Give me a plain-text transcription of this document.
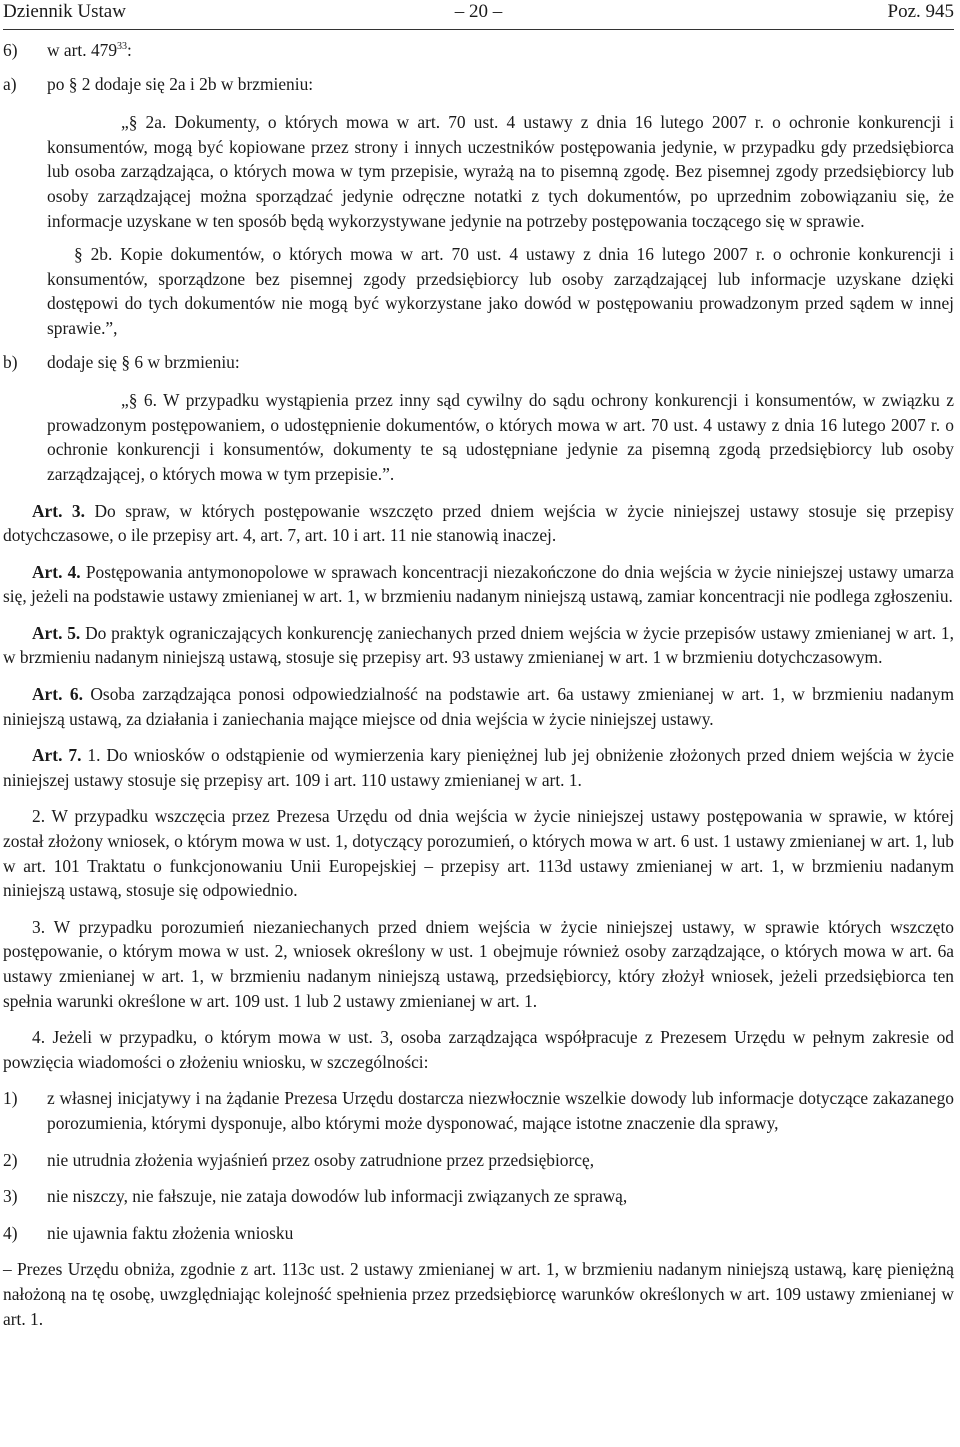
Dziennik Ustaw	– 20 –	Poz. 945
6) w art. $479^{33}$:
a) po § 2 dodaje się 2a i 2b w brzmieniu:

„§ 2a. Dokumenty, o których mowa w art. 70 ust. 4 ustawy z dnia 16 lutego 2007 r. o ochronie konkurencji i konsumentów, mogą być kopiowane przez strony i innych uczestników postępowania jedynie, w przypadku gdy przedsiębiorca lub osoba zarządzająca, o których mowa w tym przepisie, wyrażą na to pisemną zgodę. Bez pisemnej zgody przedsiębiorcy lub osoby zarządzającej można sporządzać jedynie odręczne notatki z tych dokumentów, po uprzednim zobowiązaniu się, że informacje uzyskane w ten sposób będą wykorzystywane jedynie na potrzeby postępowania toczącego się w sprawie.

§ 2b. Kopie dokumentów, o których mowa w art. 70 ust. 4 ustawy z dnia 16 lutego 2007 r. o ochronie konkurencji i konsumentów, sporządzone bez pisemnej zgody przedsiębiorcy lub osoby zarządzającej lub informacje uzyskane dzięki dostępowi do tych dokumentów nie mogą być wykorzystane jako dowód w postępowaniu prowadzonym przed sądem w innej sprawie.”,

b) dodaje się § 6 w brzmieniu:

„§ 6. W przypadku wystąpienia przez inny sąd cywilny do sądu ochrony konkurencji i konsumentów, w związku z prowadzonym postępowaniem, o udostępnienie dokumentów, o których mowa w art. 70 ust. 4 ustawy z dnia 16 lutego 2007 r. o ochronie konkurencji i konsumentów, dokumenty te są udostępniane jedynie za pisemną zgodą przedsiębiorcy lub osoby zarządzającej, o których mowa w tym przepisie.”.

Art. 3. Do spraw, w których postępowanie wszczęto przed dniem wejścia w życie niniejszej ustawy stosuje się przepisy dotychczasowe, o ile przepisy art. 4, art. 7, art. 10 i art. 11 nie stanowią inaczej.

Art. 4. Postępowania antymonopolowe w sprawach koncentracji niezakończone do dnia wejścia w życie niniejszej ustawy umarza się, jeżeli na podstawie ustawy zmienianej w art. 1, w brzmieniu nadanym niniejszą ustawą, zamiar koncentracji nie podlega zgłoszeniu.

Art. 5. Do praktyk ograniczających konkurencję zaniechanych przed dniem wejścia w życie przepisów ustawy zmienianej w art. 1, w brzmieniu nadanym niniejszą ustawą, stosuje się przepisy art. 93 ustawy zmienianej w art. 1 w brzmieniu dotychczasowym.

Art. 6. Osoba zarządzająca ponosi odpowiedzialność na podstawie art. 6a ustawy zmienianej w art. 1, w brzmieniu nadanym niniejszą ustawą, za działania i zaniechania mające miejsce od dnia wejścia w życie niniejszej ustawy.

Art. 7. 1. Do wniosków o odstąpienie od wymierzenia kary pieniężnej lub jej obniżenie złożonych przed dniem wejścia w życie niniejszej ustawy stosuje się przepisy art. 109 i art. 110 ustawy zmienianej w art. 1.

2. W przypadku wszczęcia przez Prezesa Urzędu od dnia wejścia w życie niniejszej ustawy postępowania w sprawie, w której został złożony wniosek, o którym mowa w ust. 1, dotyczący porozumień, o których mowa w art. 6 ust. 1 ustawy zmienianej w art. 1, lub w art. 101 Traktatu o funkcjonowaniu Unii Europejskiej – przepisy art. 113d ustawy zmienianej w art. 1, w brzmieniu nadanym niniejszą ustawą, stosuje się odpowiednio.

3. W przypadku porozumień niezaniechanych przed dniem wejścia w życie niniejszej ustawy, w sprawie których wszczęto postępowanie, o którym mowa w ust. 2, wniosek określony w ust. 1 obejmuje również osoby zarządzające, o których mowa w art. 6a ustawy zmienianej w art. 1, w brzmieniu nadanym niniejszą ustawą, przedsiębiorcy, który złożył wniosek, jeżeli przedsiębiorca ten spełnia warunki określone w art. 109 ust. 1 lub 2 ustawy zmienianej w art. 1.

4. Jeżeli w przypadku, o którym mowa w ust. 3, osoba zarządzająca współpracuje z Prezesem Urzędu w pełnym zakresie od powzięcia wiadomości o złożeniu wniosku, w szczególności:

1) z własnej inicjatywy i na żądanie Prezesa Urzędu dostarcza niezwłocznie wszelkie dowody lub informacje dotyczące zakazanego porozumienia, którymi dysponuje, albo którymi może dysponować, mające istotne znaczenie dla sprawy,
2) nie utrudnia złożenia wyjaśnień przez osoby zatrudnione przez przedsiębiorcę,
3) nie niszczy, nie fałszuje, nie zataja dowodów lub informacji związanych ze sprawą,
4) nie ujawnia faktu złożenia wniosku

– Prezes Urzędu obniża, zgodnie z art. 113c ust. 2 ustawy zmienianej w art. 1, w brzmieniu nadanym niniejszą ustawą, karę pieniężną nałożoną na tę osobę, uwzględniając kolejność spełnienia przez przedsiębiorcę warunków określonych w art. 109 ustawy zmienianej w art. 1.
